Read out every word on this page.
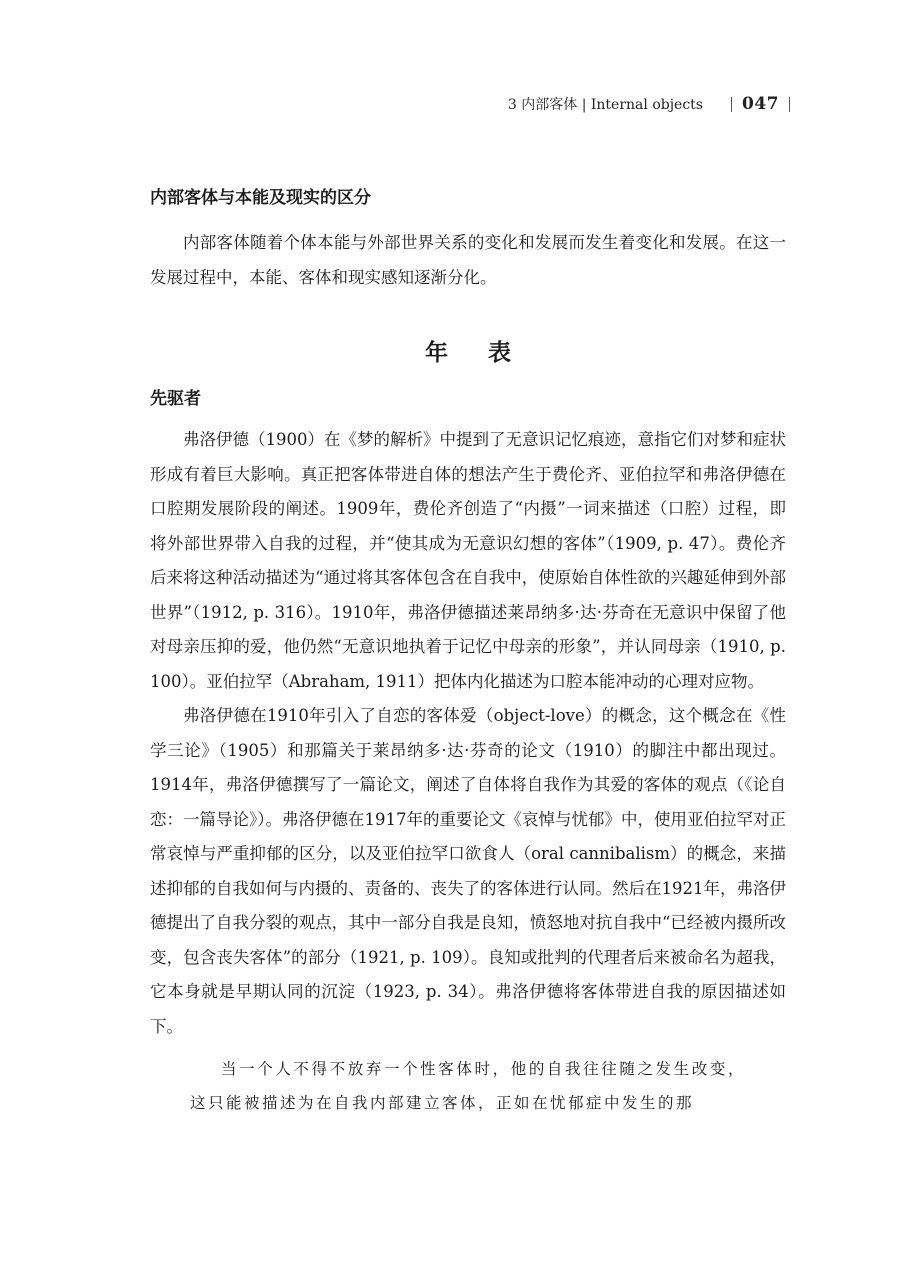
3 内部客体 | Internal objects 047
内部客体与本能及现实的区分

内部客体随着个体本能与外部世界关系的变化和发展而发生着变化和发展。在这一发展过程中，本能、客体和现实感知逐渐分化。

年表
先驱者

弗洛伊德（1900）在《梦的解析》中提到了无意识记忆痕迹，意指它们对梦和症状形成有着巨大影响。真正把客体带进自体的想法产生于费伦齐、亚伯拉罕和弗洛伊德在口腔期发展阶段的阐述。1909年，费伦齐创造了“内摄”一词来描述（口腔）过程，即将外部世界带入自我的过程，并“使其成为无意识幻想的客体”（1909, p. 47）。费伦齐后来将这种活动描述为“通过将其客体包含在自我中，使原始自体性欲的兴趣延伸到外部世界”（1912, p. 316）。1910年，弗洛伊德描述莱昂纳多·达·芬奇在无意识中保留了他对母亲压抑的爱，他仍然“无意识地执着于记忆中母亲的形象”，并认同母亲（1910, p. 100）。亚伯拉罕（Abraham, 1911）把体内化描述为口腔本能冲动的心理对应物。

弗洛伊德在1910年引入了自恋的客体爱（object-love）的概念，这个概念在《性学三论》（1905）和那篇关于莱昂纳多·达·芬奇的论文（1910）的脚注中都出现过。1914年，弗洛伊德撰写了一篇论文，阐述了自体将自我作为其爱的客体的观点（《论自恋：一篇导论》）。弗洛伊德在1917年的重要论文《哀悼与忧郁》中，使用亚伯拉罕对正常哀悼与严重抑郁的区分，以及亚伯拉罕口欲食人（oral cannibalism）的概念，来描述抑郁的自我如何与内摄的、责备的、丧失了的客体进行认同。然后在1921年，弗洛伊德提出了自我分裂的观点，其中一部分自我是良知，愤怒地对抗自我中“已经被内摄所改变，包含丧失客体”的部分（1921, p. 109）。良知或批判的代理者后来被命名为超我，它本身就是早期认同的沉淀（1923, p. 34）。弗洛伊德将客体带进自我的原因描述如下。

当一个人不得不放弃一个性客体时，他的自我往往随之发生改变，这只能被描述为在自我内部建立客体，正如在忧郁症中发生的那
